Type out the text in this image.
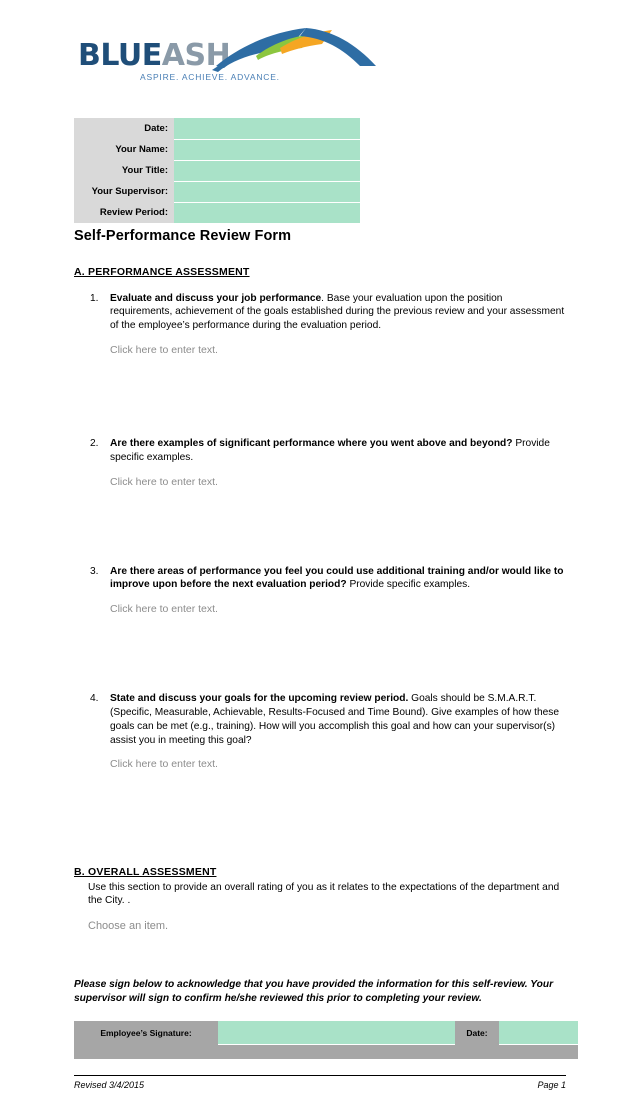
BLUEASH
ASPIRE. ACHIEVE. ADVANCE.
Date:	
Your Name:	
Your Title:	
Your Supervisor:	
Review Period:	
Self-Performance Review Form
A. PERFORMANCE ASSESSMENT
1. Evaluate and discuss your job performance. Base your evaluation upon the position requirements, achievement of the goals established during the previous review and your assessment of the employee’s performance during the evaluation period.
Click here to enter text.
2. Are there examples of significant performance where you went above and beyond? Provide specific examples.
Click here to enter text.
3. Are there areas of performance you feel you could use additional training and/or would like to improve upon before the next evaluation period? Provide specific examples.
Click here to enter text.
4. State and discuss your goals for the upcoming review period. Goals should be S.M.A.R.T. (Specific, Measurable, Achievable, Results-Focused and Time Bound). Give examples of how these goals can be met (e.g., training). How will you accomplish this goal and how can your supervisor(s) assist you in meeting this goal?
Click here to enter text.
B. OVERALL ASSESSMENT
Use this section to provide an overall rating of you as it relates to the expectations of the department and the City. .
Choose an item.
Please sign below to acknowledge that you have provided the information for this self-review. Your supervisor will sign to confirm he/she reviewed this prior to completing your review.
Employee’s Signature:		Date:	

Revised 3/4/2015	Page 1
